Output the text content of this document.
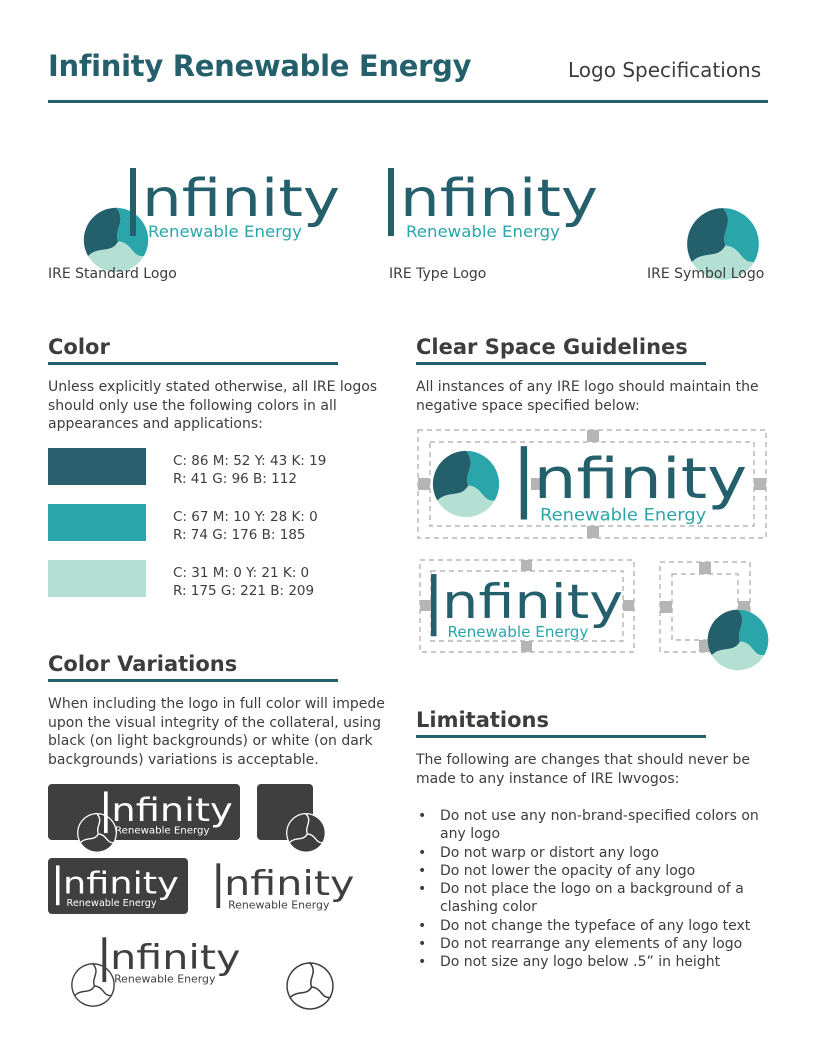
Infinity Renewable Energy	Logo Specifications
IRE Standard Logo	IRE Type Logo	IRE Symbol Logo
Color
Unless explicitly stated otherwise, all IRE logos should only use the following colors in all appearances and applications:
C: 86 M: 52 Y: 43 K: 19
R: 41 G: 96 B: 112
C: 67 M: 10 Y: 28 K: 0
R: 74 G: 176 B: 185
C: 31 M: 0 Y: 21 K: 0
R: 175 G: 221 B: 209
Color Variations
When including the logo in full color will impede upon the visual integrity of the collateral, using black (on light backgrounds) or white (on dark backgrounds) variations is acceptable.
Clear Space Guidelines
All instances of any IRE logo should maintain the negative space specified below:
Limitations
The following are changes that should never be made to any instance of IRE lwvogos:
• Do not use any non-brand-specified colors on any logo
• Do not warp or distort any logo
• Do not lower the opacity of any logo
• Do not place the logo on a background of a clashing color
• Do not change the typeface of any logo text
• Do not rearrange any elements of any logo
• Do not size any logo below .5” in height
